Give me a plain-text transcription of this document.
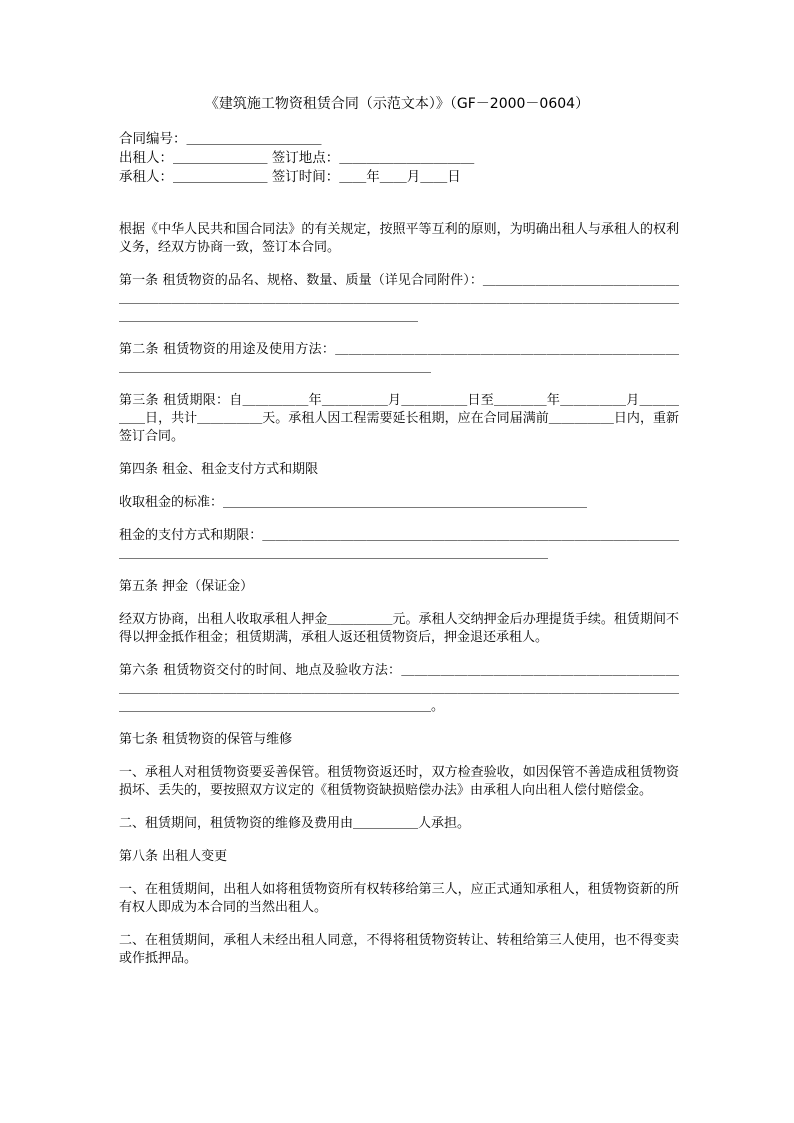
《建筑施工物资租赁合同（示范文本）》（GF－2000－0604）
合同编号：＿＿＿＿＿＿＿＿＿＿
出租人：＿＿＿＿＿＿＿ 签订地点：＿＿＿＿＿＿＿＿＿＿
承租人：＿＿＿＿＿＿＿ 签订时间：＿＿年＿＿月＿＿日

根据《中华人民共和国合同法》的有关规定，按照平等互利的原则，为明确出租人与承租人的权利义务，经双方协商一致，签订本合同。

第一条 租赁物资的品名、规格、数量、质量（详见合同附件）：＿＿＿＿＿＿＿＿＿＿＿＿＿＿＿＿＿＿＿＿＿＿＿＿＿＿＿＿＿＿＿＿＿＿＿＿＿＿＿＿＿＿＿＿＿＿＿＿＿＿＿＿＿＿＿＿＿＿＿＿＿＿＿＿＿＿＿＿＿＿＿＿＿＿＿＿＿＿＿＿＿

第二条 租赁物资的用途及使用方法：＿＿＿＿＿＿＿＿＿＿＿＿＿＿＿＿＿＿＿＿＿＿＿＿＿＿＿＿＿＿＿＿＿＿＿＿＿＿＿＿＿＿＿＿＿＿＿＿＿＿

第三条 租赁期限：自＿＿＿＿＿年＿＿＿＿＿月＿＿＿＿＿日至＿＿＿＿年＿＿＿＿＿月＿＿＿＿＿日，共计＿＿＿＿＿天。承租人因工程需要延长租期，应在合同届满前＿＿＿＿＿日内，重新签订合同。

第四条 租金、租金支付方式和期限

收取租金的标准：＿＿＿＿＿＿＿＿＿＿＿＿＿＿＿＿＿＿＿＿＿＿＿＿＿＿＿＿

租金的支付方式和期限：＿＿＿＿＿＿＿＿＿＿＿＿＿＿＿＿＿＿＿＿＿＿＿＿＿＿＿＿＿＿＿＿＿＿＿＿＿＿＿＿＿＿＿＿＿＿＿＿＿＿＿＿＿＿＿＿＿＿＿＿＿＿＿＿＿

第五条 押金（保证金）

经双方协商，出租人收取承租人押金＿＿＿＿＿元。承租人交纳押金后办理提货手续。租赁期间不得以押金抵作租金；租赁期满，承租人返还租赁物资后，押金退还承租人。

第六条 租赁物资交付的时间、地点及验收方法：＿＿＿＿＿＿＿＿＿＿＿＿＿＿＿＿＿＿＿＿＿＿＿＿＿＿＿＿＿＿＿＿＿＿＿＿＿＿＿＿＿＿＿＿＿＿＿＿＿＿＿＿＿＿＿＿＿＿＿＿＿＿＿＿＿＿＿＿＿＿＿＿＿＿＿＿＿＿＿＿＿＿＿＿＿＿＿＿。

第七条 租赁物资的保管与维修

一、承租人对租赁物资要妥善保管。租赁物资返还时，双方检查验收，如因保管不善造成租赁物资损坏、丢失的，要按照双方议定的《租赁物资缺损赔偿办法》由承租人向出租人偿付赔偿金。

二、租赁期间，租赁物资的维修及费用由＿＿＿＿＿人承担。

第八条 出租人变更

一、在租赁期间，出租人如将租赁物资所有权转移给第三人，应正式通知承租人，租赁物资新的所有权人即成为本合同的当然出租人。

二、在租赁期间，承租人未经出租人同意，不得将租赁物资转让、转租给第三人使用，也不得变卖或作抵押品。
